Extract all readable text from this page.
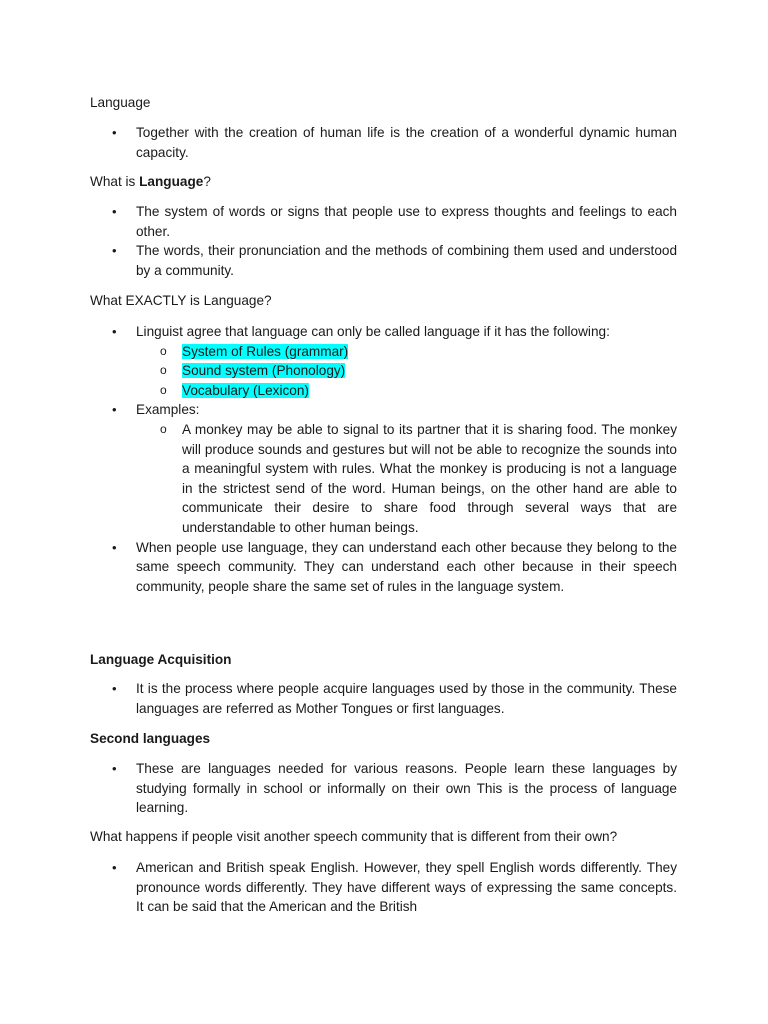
Language

• Together with the creation of human life is the creation of a wonderful dynamic human capacity.

What is Language?

• The system of words or signs that people use to express thoughts and feelings to each other.
• The words, their pronunciation and the methods of combining them used and understood by a community.

What EXACTLY is Language?

• Linguist agree that language can only be called language if it has the following:
o System of Rules (grammar)
o Sound system (Phonology)
o Vocabulary (Lexicon)
• Examples:
o A monkey may be able to signal to its partner that it is sharing food. The monkey will produce sounds and gestures but will not be able to recognize the sounds into a meaningful system with rules. What the monkey is producing is not a language in the strictest send of the word. Human beings, on the other hand are able to communicate their desire to share food through several ways that are understandable to other human beings.
• When people use language, they can understand each other because they belong to the same speech community. They can understand each other because in their speech community, people share the same set of rules in the language system.

Language Acquisition

• It is the process where people acquire languages used by those in the community. These languages are referred as Mother Tongues or first languages.

Second languages

• These are languages needed for various reasons. People learn these languages by studying formally in school or informally on their own This is the process of language learning.

What happens if people visit another speech community that is different from their own?

• American and British speak English. However, they spell English words differently. They pronounce words differently. They have different ways of expressing the same concepts. It can be said that the American and the British
